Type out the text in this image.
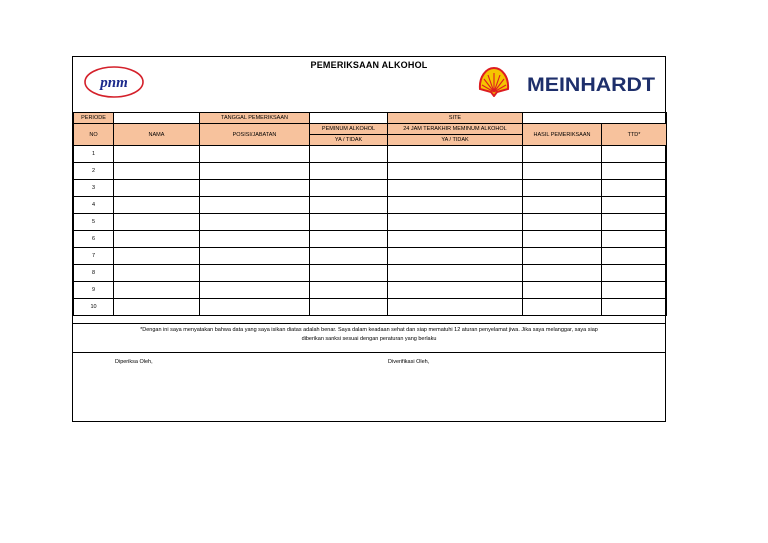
PEMERIKSAAN ALKOHOL
pnm	MEINHARDT
PERIODE		TANGGAL PEMERIKSAAN		SITE		
NO	NAMA	POSISI/JABATAN	PEMINUM ALKOHOL	24 JAM TERAKHIR MEMINUM ALKOHOL	HASIL PEMERIKSAAN	TTD*
			YA / TIDAK	YA / TIDAK		
1						
2						
3						
4						
5						
6						
7						
8						
9						
10						
*Dengan ini saya menyatakan bahwa data yang saya isikan diatas adalah benar. Saya dalam keadaan sehat dan siap mematuhi 12 aturan penyelamat jiwa. Jika saya melanggar, saya siap
diberikan sanksi sesuai dengan peraturan yang berlaku
Diperiksa Oleh,	Diverifikasi Oleh,
